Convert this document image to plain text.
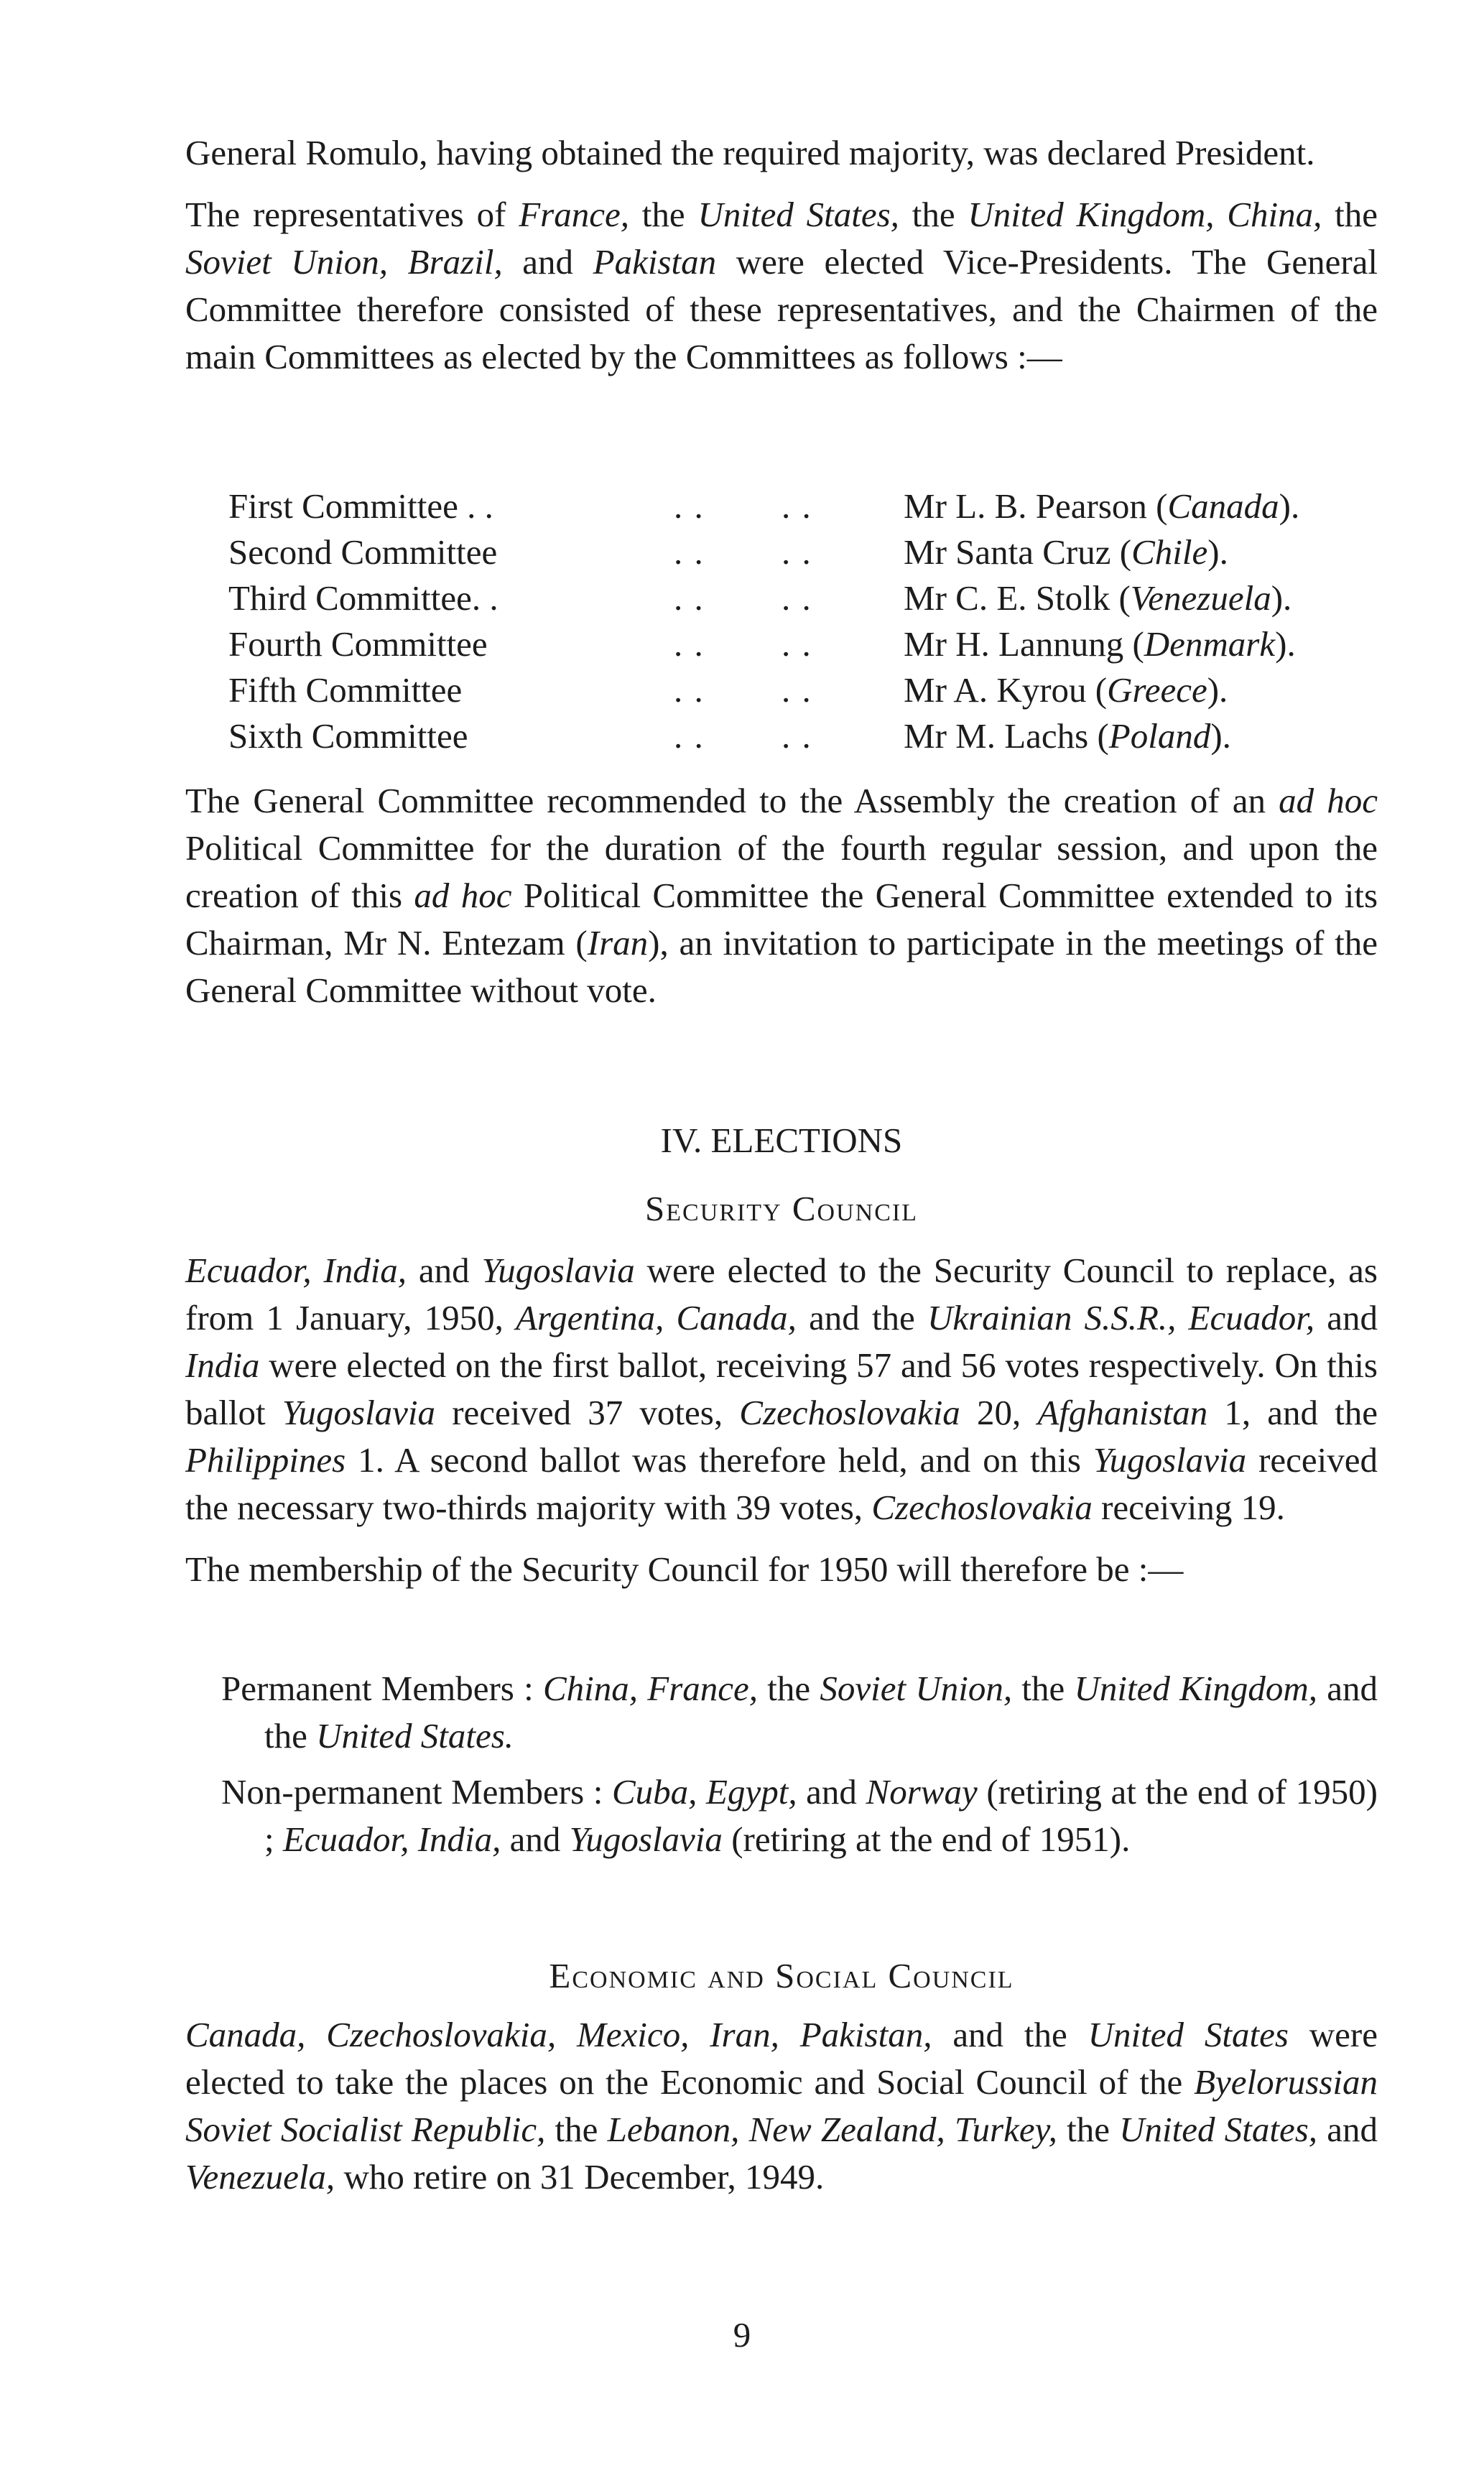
General Romulo, having obtained the required majority, was declared President.

The representatives of France, the United States, the United Kingdom, China, the Soviet Union, Brazil, and Pakistan were elected Vice-Presidents. The General Committee therefore consisted of these representatives, and the Chairmen of the main Committees as elected by the Committees as follows :—

First Committee . .	. . . .	Mr L. B. Pearson (Canada).
Second Committee	. . . .	Mr Santa Cruz (Chile).
Third Committee. .	. . . .	Mr C. E. Stolk (Venezuela).
Fourth Committee	. . . .	Mr H. Lannung (Denmark).
Fifth Committee	. . . .	Mr A. Kyrou (Greece).
Sixth Committee	. . . .	Mr M. Lachs (Poland).

The General Committee recommended to the Assembly the creation of an ad hoc Political Committee for the duration of the fourth regular session, and upon the creation of this ad hoc Political Committee the General Committee extended to its Chairman, Mr N. Entezam (Iran), an invitation to participate in the meetings of the General Committee without vote.

IV. ELECTIONS
Security Council

Ecuador, India, and Yugoslavia were elected to the Security Council to replace, as from 1 January, 1950, Argentina, Canada, and the Ukrainian S.S.R., Ecuador, and India were elected on the first ballot, receiving 57 and 56 votes respectively. On this ballot Yugoslavia received 37 votes, Czechoslovakia 20, Afghanistan 1, and the Philippines 1. A second ballot was therefore held, and on this Yugoslavia received the necessary two-thirds majority with 39 votes, Czechoslovakia receiving 19.

The membership of the Security Council for 1950 will therefore be :—

Permanent Members : China, France, the Soviet Union, the United Kingdom, and the United States.

Non-permanent Members : Cuba, Egypt, and Norway (retiring at the end of 1950) ; Ecuador, India, and Yugoslavia (retiring at the end of 1951).

Economic and Social Council

Canada, Czechoslovakia, Mexico, Iran, Pakistan, and the United States were elected to take the places on the Economic and Social Council of the Byelorussian Soviet Socialist Republic, the Lebanon, New Zealand, Turkey, the United States, and Venezuela, who retire on 31 December, 1949.

9
